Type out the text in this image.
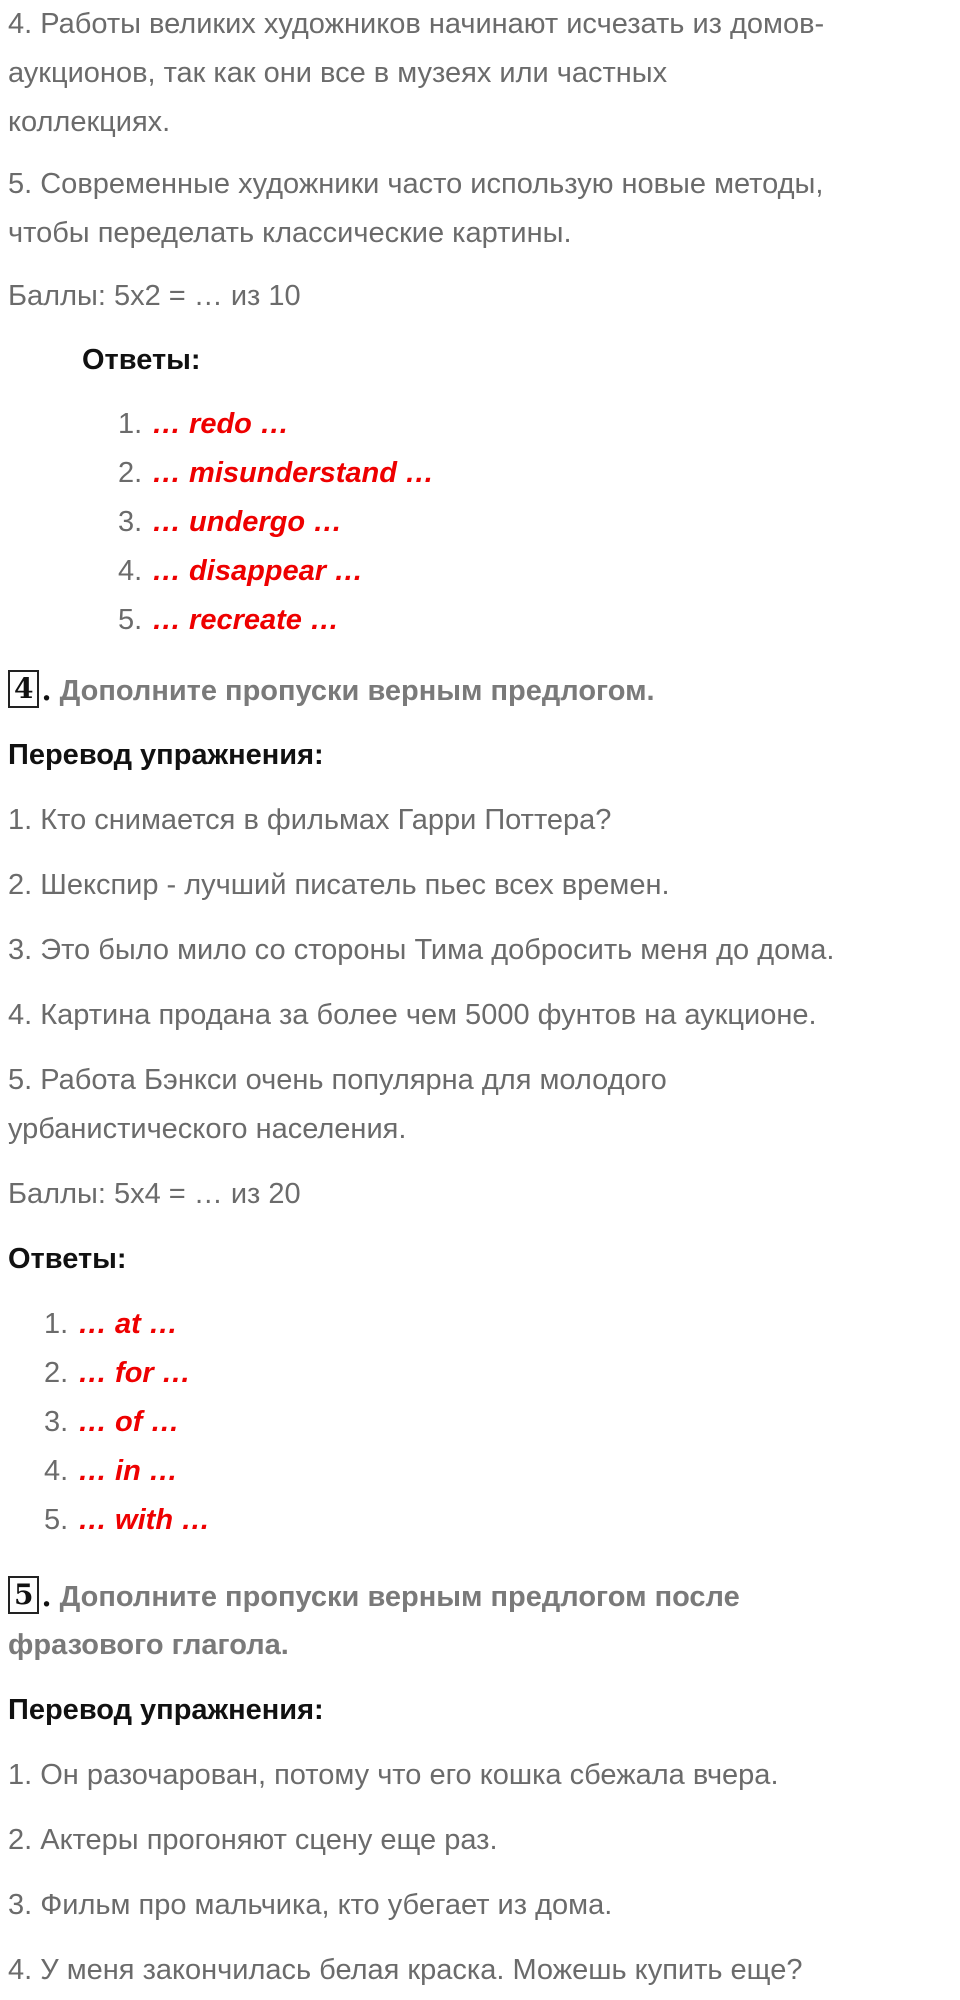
4. Работы великих художников начинают исчезать из домов-

аукционов, так как они все в музеях или частных

коллекциях.

5. Современные художники часто использую новые методы,

чтобы переделать классические картины.

Баллы: 5х2 = … из 10

Ответы:

1. … redo …
2. … misunderstand …
3. … undergo …
4. … disappear …
5. … recreate …

4 . Дополните пропуски верным предлогом.

Перевод упражнения:

1. Кто снимается в фильмах Гарри Поттера?

2. Шекспир - лучший писатель пьес всех времен.

3. Это было мило со стороны Тима добросить меня до дома.

4. Картина продана за более чем 5000 фунтов на аукционе.

5. Работа Бэнкси очень популярна для молодого

урбанистического населения.

Баллы: 5х4 = … из 20

Ответы:

1. … at …
2. … for …
3. … of …
4. … in …
5. … with …

5 . Дополните пропуски верным предлогом после

фразового глагола.

Перевод упражнения:

1. Он разочарован, потому что его кошка сбежала вчера.

2. Актеры прогоняют сцену еще раз.

3. Фильм про мальчика, кто убегает из дома.

4. У меня закончилась белая краска. Можешь купить еще?
